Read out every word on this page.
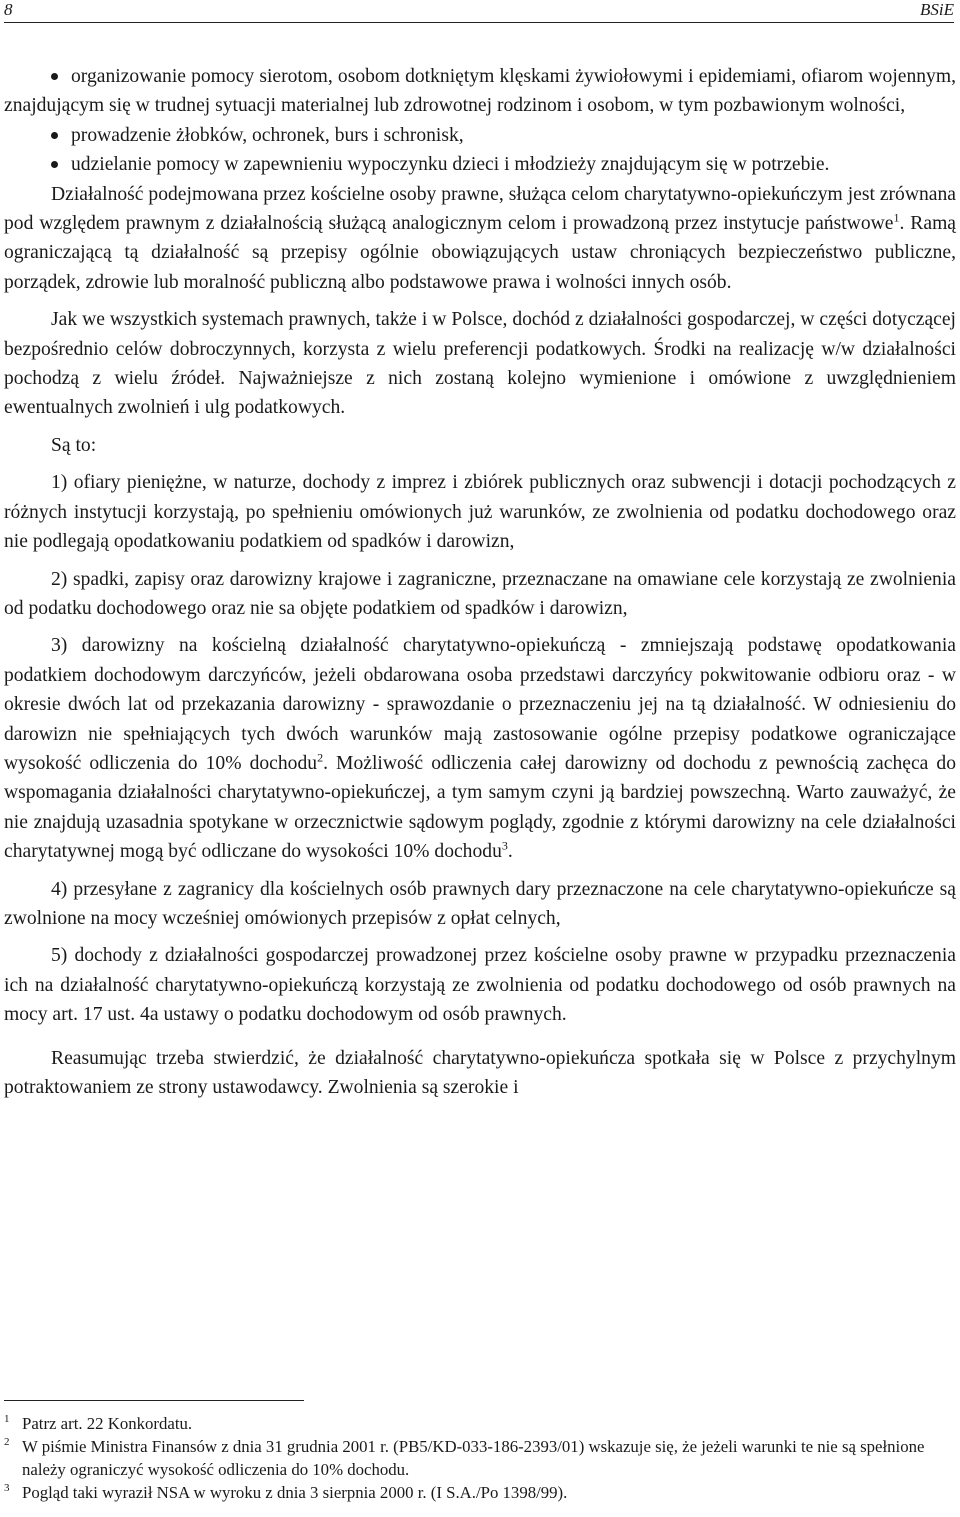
8	BSiE

organizowanie pomocy sierotom, osobom dotkniętym klęskami żywiołowymi i epidemiami, ofiarom wojennym, znajdującym się w trudnej sytuacji materialnej lub zdrowotnej rodzinom i osobom, w tym pozbawionym wolności,

prowadzenie żłobków, ochronek, burs i schronisk,

udzielanie pomocy w zapewnieniu wypoczynku dzieci i młodzieży znajdującym się w potrzebie.

Działalność podejmowana przez kościelne osoby prawne, służąca celom charytatywno-opiekuńczym jest zrównana pod względem prawnym z działalnością służącą analogicznym celom i prowadzoną przez instytucje państwowe$^1$. Ramą ograniczającą tą działalność są przepisy ogólnie obowiązujących ustaw chroniących bezpieczeństwo publiczne, porządek, zdrowie lub moralność publiczną albo podstawowe prawa i wolności innych osób.

Jak we wszystkich systemach prawnych, także i w Polsce, dochód z działalności gospodarczej, w części dotyczącej bezpośrednio celów dobroczynnych, korzysta z wielu preferencji podatkowych. Środki na realizację w/w działalności pochodzą z wielu źródeł. Najważniejsze z nich zostaną kolejno wymienione i omówione z uwzględnieniem ewentualnych zwolnień i ulg podatkowych.

Są to:

1) ofiary pieniężne, w naturze, dochody z imprez i zbiórek publicznych oraz subwencji i dotacji pochodzących z różnych instytucji korzystają, po spełnieniu omówionych już warunków, ze zwolnienia od podatku dochodowego oraz nie podlegają opodatkowaniu podatkiem od spadków i darowizn,

2) spadki, zapisy oraz darowizny krajowe i zagraniczne, przeznaczane na omawiane cele korzystają ze zwolnienia od podatku dochodowego oraz nie sa objęte podatkiem od spadków i darowizn,

3) darowizny na kościelną działalność charytatywno-opiekuńczą - zmniejszają podstawę opodatkowania podatkiem dochodowym darczyńców, jeżeli obdarowana osoba przedstawi darczyńcy pokwitowanie odbioru oraz - w okresie dwóch lat od przekazania darowizny - sprawozdanie o przeznaczeniu jej na tą działalność. W odniesieniu do darowizn nie spełniających tych dwóch warunków mają zastosowanie ogólne przepisy podatkowe ograniczające wysokość odliczenia do 10% dochodu$^2$. Możliwość odliczenia całej darowizny od dochodu z pewnością zachęca do wspomagania działalności charytatywno-opiekuńczej, a tym samym czyni ją bardziej powszechną. Warto zauważyć, że nie znajdują uzasadnia spotykane w orzecznictwie sądowym poglądy, zgodnie z którymi darowizny na cele działalności charytatywnej mogą być odliczane do wysokości 10% dochodu$^3$.

4) przesyłane z zagranicy dla kościelnych osób prawnych dary przeznaczone na cele charytatywno-opiekuńcze są zwolnione na mocy wcześniej omówionych przepisów z opłat celnych,

5) dochody z działalności gospodarczej prowadzonej przez kościelne osoby prawne w przypadku przeznaczenia ich na działalność charytatywno-opiekuńczą korzystają ze zwolnienia od podatku dochodowego od osób prawnych na mocy art. 17 ust. 4a ustawy o podatku dochodowym od osób prawnych.

Reasumując trzeba stwierdzić, że działalność charytatywno-opiekuńcza spotkała się w Polsce z przychylnym potraktowaniem ze strony ustawodawcy. Zwolnienia są szerokie i

1 Patrz art. 22 Konkordatu.

2 W piśmie Ministra Finansów z dnia 31 grudnia 2001 r. (PB5/KD-033-186-2393/01) wskazuje się, że jeżeli warunki te nie są spełnione należy ograniczyć wysokość odliczenia do 10% dochodu.

3 Pogląd taki wyraził NSA w wyroku z dnia 3 sierpnia 2000 r. (I S.A./Po 1398/99).
